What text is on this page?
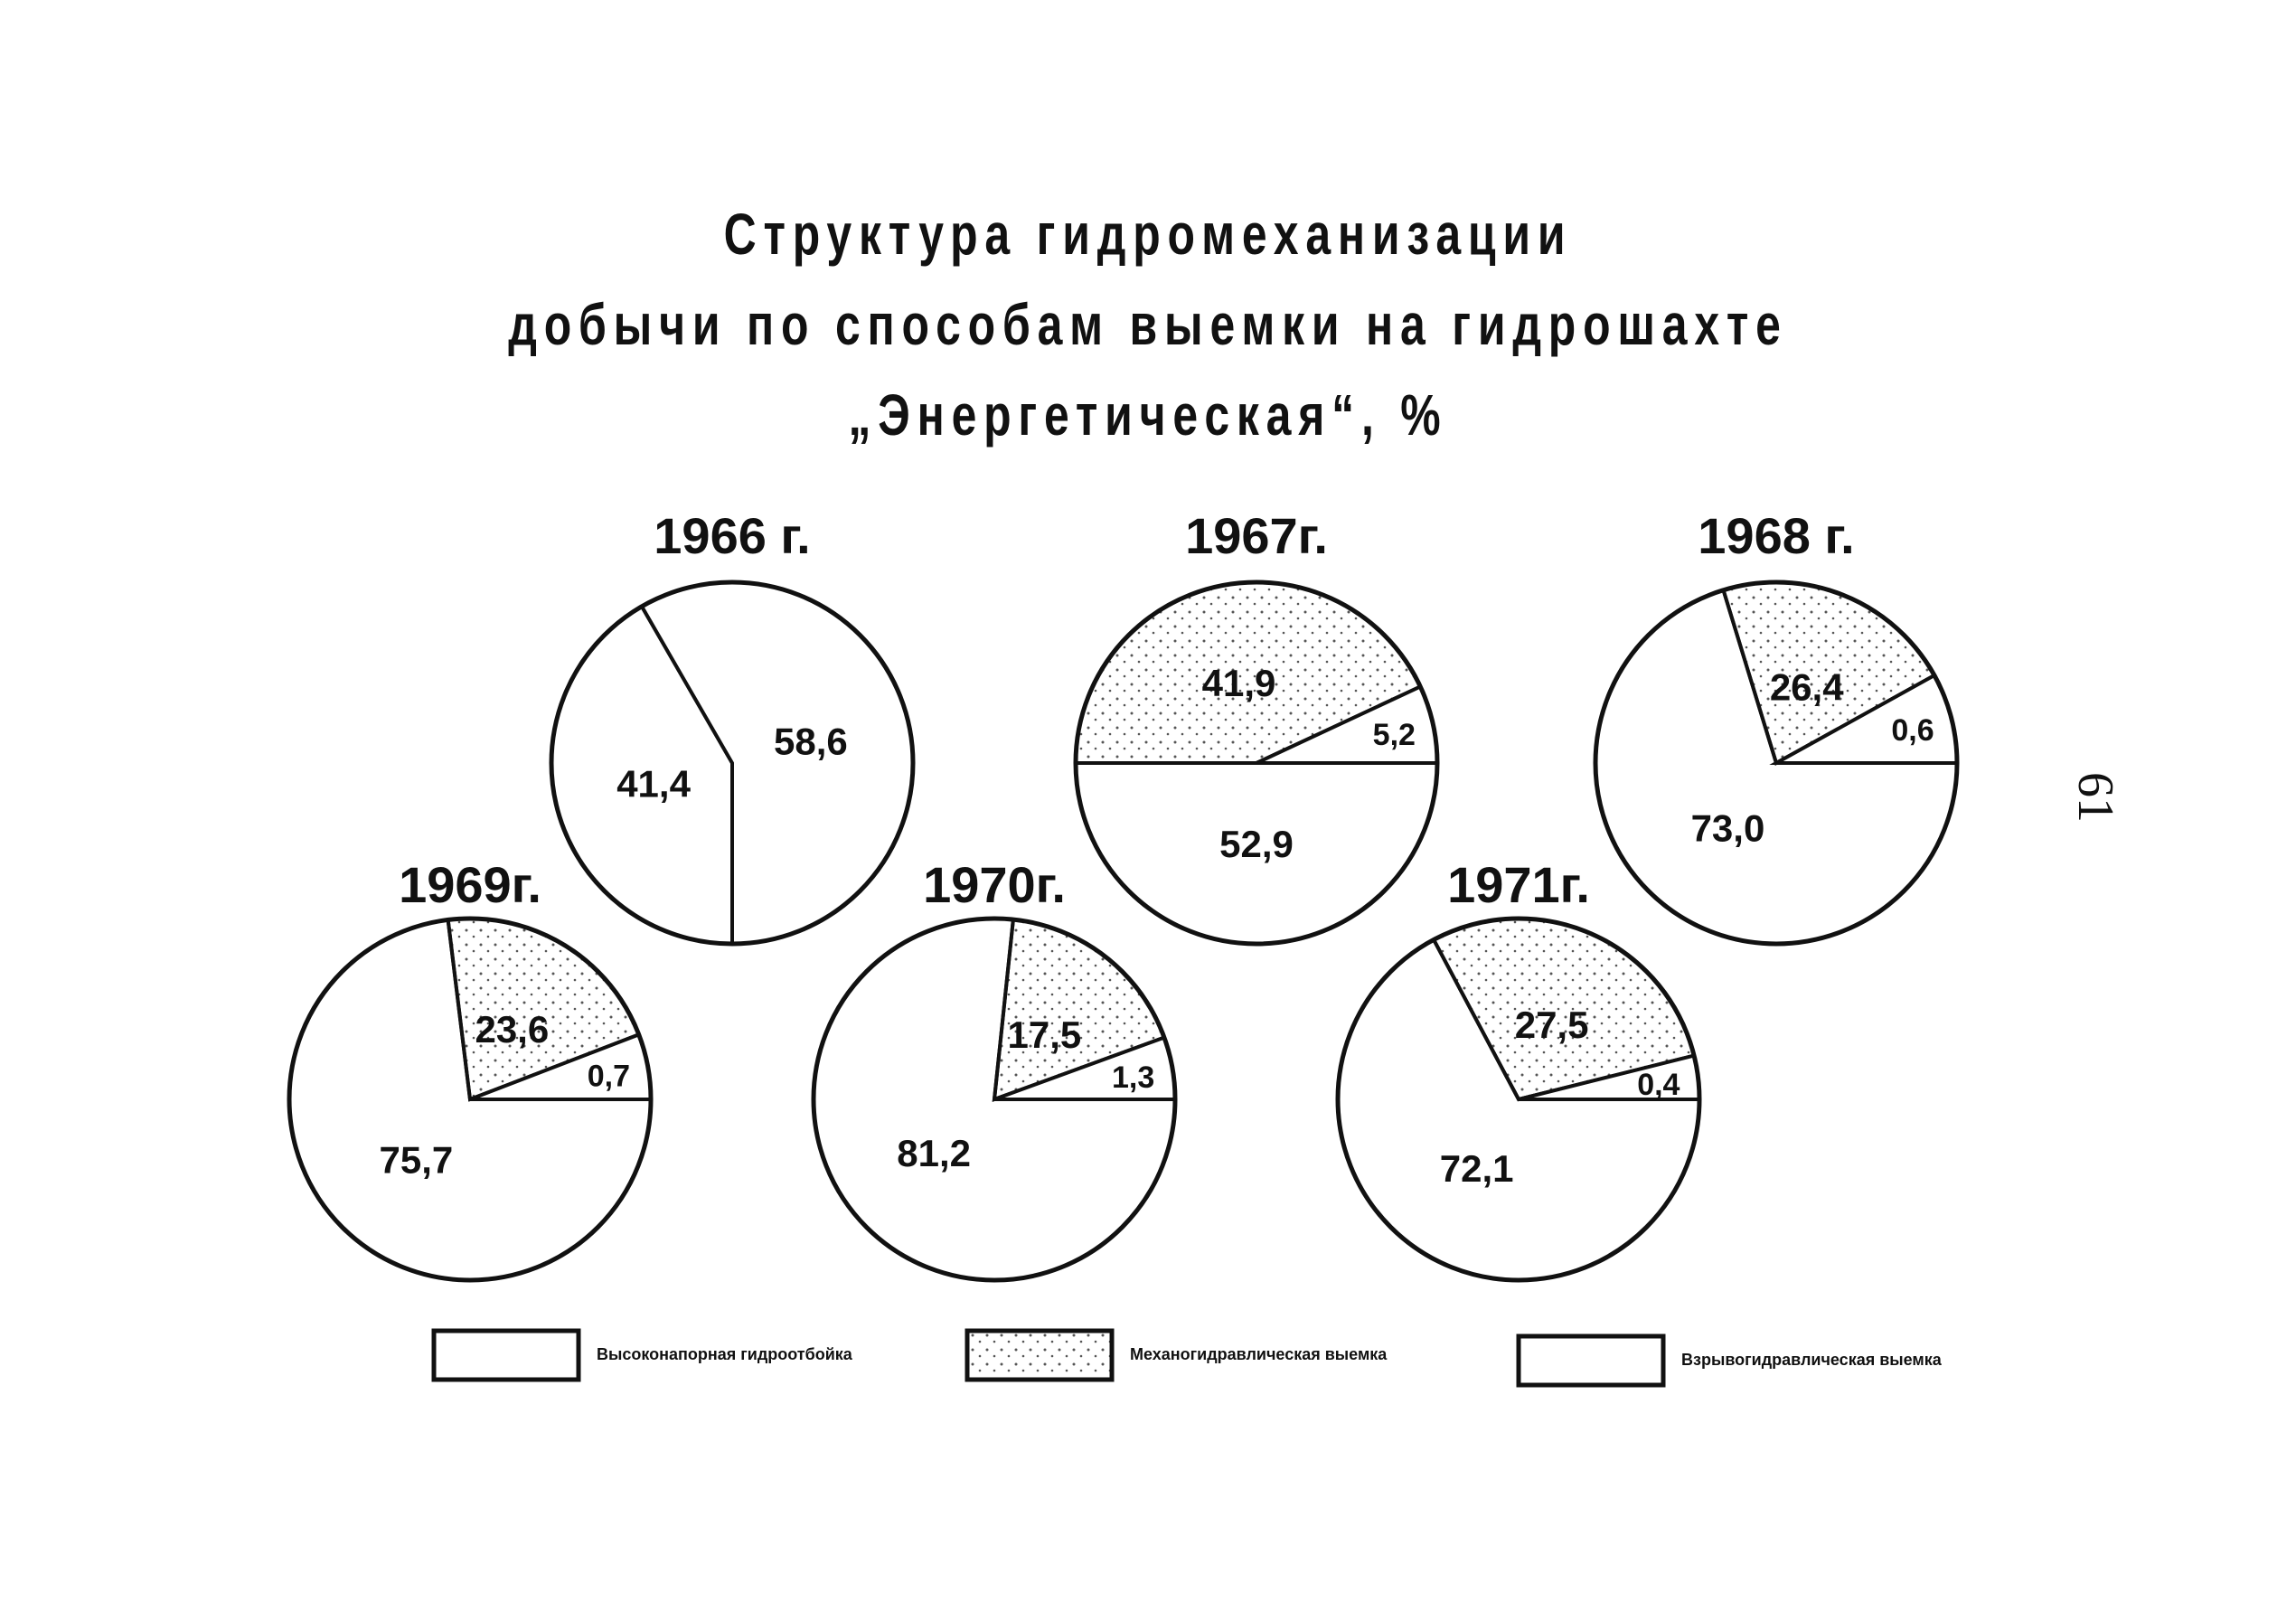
Структура гидромеханизации
добычи по способам выемки на гидрошахте
„Энергетическая“, %
61
41,4
58,6
1966 г.
52,9
41,9
5,2
1967г.
73,0
26,4
0,6
1968 г.
75,7
23,6
0,7
1969г.
81,2
17,5
1,3
1970г.
72,1
27,5
0,4
1971г.
Высоконапорная гидроотбойка	Механогидравлическая выемка	Взрывогидравлическая выемка
